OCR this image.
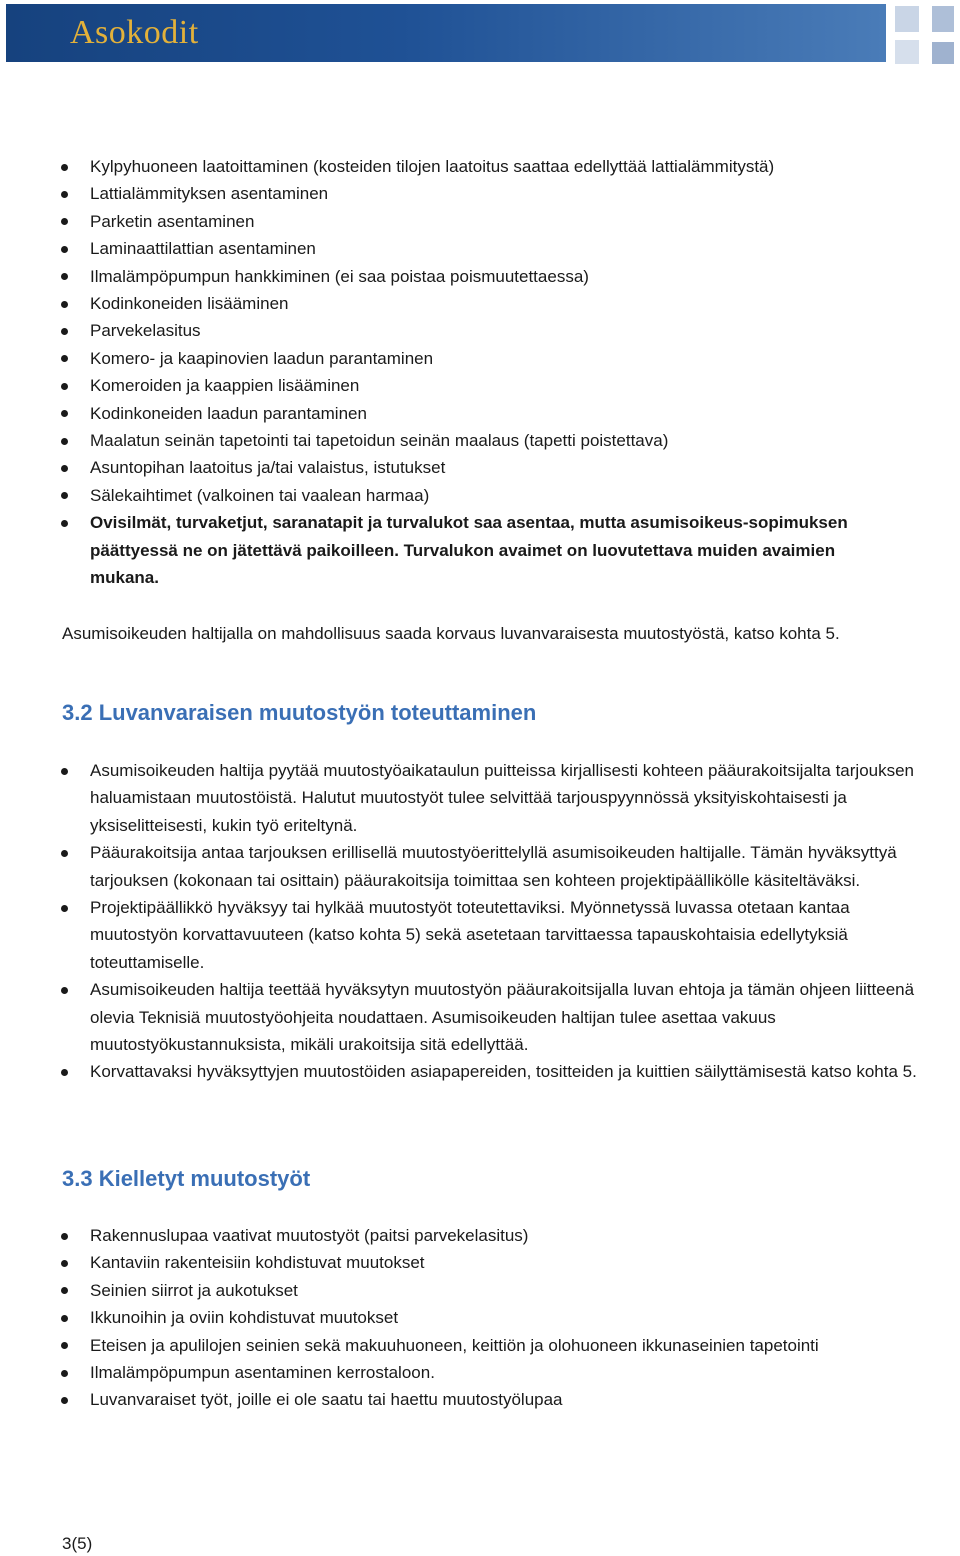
Asokodit
Kylpyhuoneen laatoittaminen (kosteiden tilojen laatoitus saattaa edellyttää lattialämmitystä)
Lattialämmityksen asentaminen
Parketin asentaminen
Laminaattilattian asentaminen
Ilmalämpöpumpun hankkiminen (ei saa poistaa poismuutettaessa)
Kodinkoneiden lisääminen
Parvekelasitus
Komero- ja kaapinovien laadun parantaminen
Komeroiden ja kaappien lisääminen
Kodinkoneiden laadun parantaminen
Maalatun seinän tapetointi tai tapetoidun seinän maalaus (tapetti poistettava)
Asuntopihan laatoitus ja/tai valaistus, istutukset
Sälekaihtimet (valkoinen tai vaalean harmaa)
Ovisilmät, turvaketjut, saranatapit ja turvalukot saa asentaa, mutta asumisoikeus-sopimuksen päättyessä ne on jätettävä paikoilleen. Turvalukon avaimet on luovutettava muiden avaimien mukana.

Asumisoikeuden haltijalla on mahdollisuus saada korvaus luvanvaraisesta muutostyöstä, katso kohta 5.

3.2 Luvanvaraisen muutostyön toteuttaminen
Asumisoikeuden haltija pyytää muutostyöaikataulun puitteissa kirjallisesti kohteen pääurakoitsijalta tarjouksen haluamistaan muutostöistä. Halutut muutostyöt tulee selvittää tarjouspyynnössä yksityiskohtaisesti ja yksiselitteisesti, kukin työ eriteltynä.
Pääurakoitsija antaa tarjouksen erillisellä muutostyöerittelyllä asumisoikeuden haltijalle. Tämän hyväksyttyä tarjouksen (kokonaan tai osittain) pääurakoitsija toimittaa sen kohteen projektipäällikölle käsiteltäväksi.
Projektipäällikkö hyväksyy tai hylkää muutostyöt toteutettaviksi. Myönnetyssä luvassa otetaan kantaa muutostyön korvattavuuteen (katso kohta 5) sekä asetetaan tarvittaessa tapauskohtaisia edellytyksiä toteuttamiselle.
Asumisoikeuden haltija teettää hyväksytyn muutostyön pääurakoitsijalla luvan ehtoja ja tämän ohjeen liitteenä olevia Teknisiä muutostyöohjeita noudattaen. Asumisoikeuden haltijan tulee asettaa vakuus muutostyökustannuksista, mikäli urakoitsija sitä edellyttää.
Korvattavaksi hyväksyttyjen muutostöiden asiapapereiden, tositteiden ja kuittien säilyttämisestä katso kohta 5.
3.3 Kielletyt muutostyöt
Rakennuslupaa vaativat muutostyöt (paitsi parvekelasitus)
Kantaviin rakenteisiin kohdistuvat muutokset
Seinien siirrot ja aukotukset
Ikkunoihin ja oviin kohdistuvat muutokset
Eteisen ja apulilojen seinien sekä makuuhuoneen, keittiön ja olohuoneen ikkunaseinien tapetointi
Ilmalämpöpumpun asentaminen kerrostaloon.
Luvanvaraiset työt, joille ei ole saatu tai haettu muutostyölupaa
3(5)
